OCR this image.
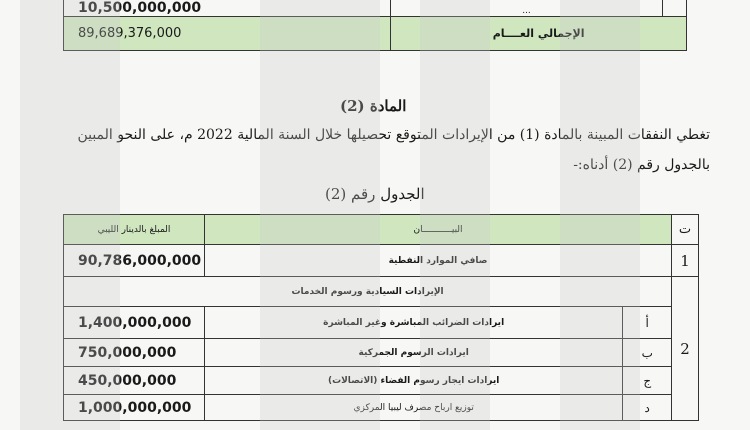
10,500,000,000	...	
89,689,376,000	الإجمالي العــــام	
المادة (2)
تغطي النفقات المبينة بالمادة (1) من الإيرادات المتوقع تحصيلها خلال السنة المالية 2022 م، على النحو المبين
بالجدول رقم (2) أدناه:-
الجدول رقم (2)
المبلغ بالدينار الليبي	البيـــــــــــان		ت
90,786,000,000	صافي الموارد النفطية		1
الإيرادات السيادية ورسوم الخدمات			2
1,400,000,000	ايرادات الضرائب المباشرة وغير المباشرة	أ	
750,000,000	ايرادات الرسوم الجمركية	ب	
450,000,000	ايرادات ايجار رسوم الفضاء (الاتصالات)	ج	
1,000,000,000	توزيع ارباح مصرف ليبيا المركزي	د	
